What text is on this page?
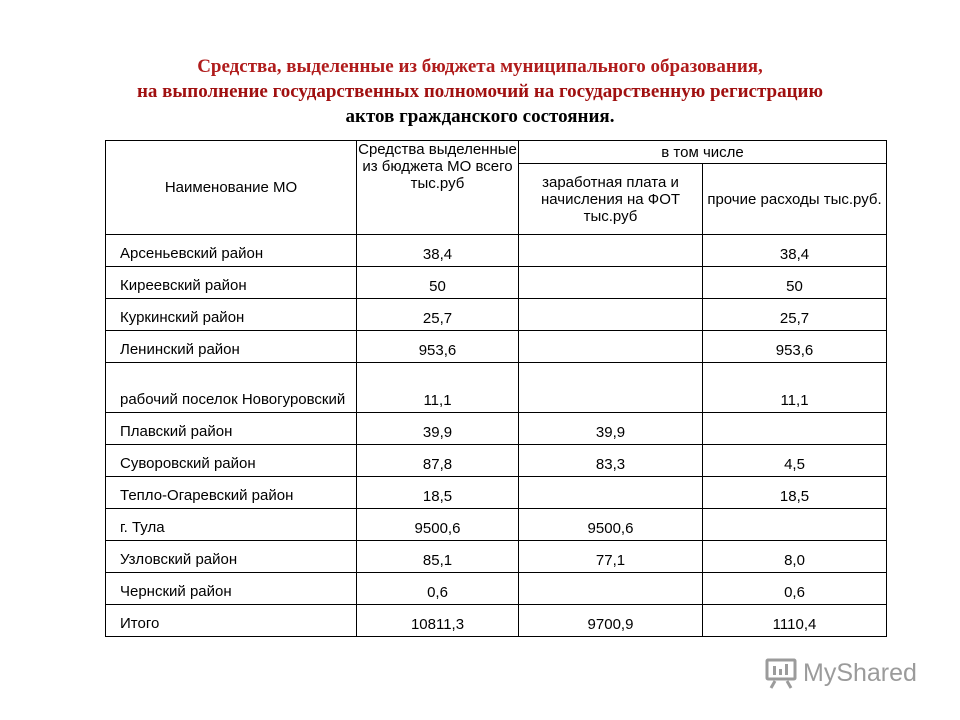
Средства, выделенные из бюджета муниципального образования,
на выполнение государственных полномочий на государственную регистрацию
актов гражданского состояния.
Наименование МО	Средства выделенные из бюджета МО всего тыс.руб	в том числе	
		заработная плата и начисления на ФОТ тыс.руб	прочие расходы тыс.руб.
Арсеньевский район	38,4		38,4
Киреевский район	50		50
Куркинский район	25,7		25,7
Ленинский район	953,6		953,6
рабочий поселок Новогуровский	11,1		11,1
Плавский район	39,9	39,9	
Суворовский район	87,8	83,3	4,5
Тепло-Огаревский район	18,5		18,5
г. Тула	9500,6	9500,6	
Узловский район	85,1	77,1	8,0
Чернский район	0,6		0,6
Итого	10811,3	9700,9	1110,4
MyShared
